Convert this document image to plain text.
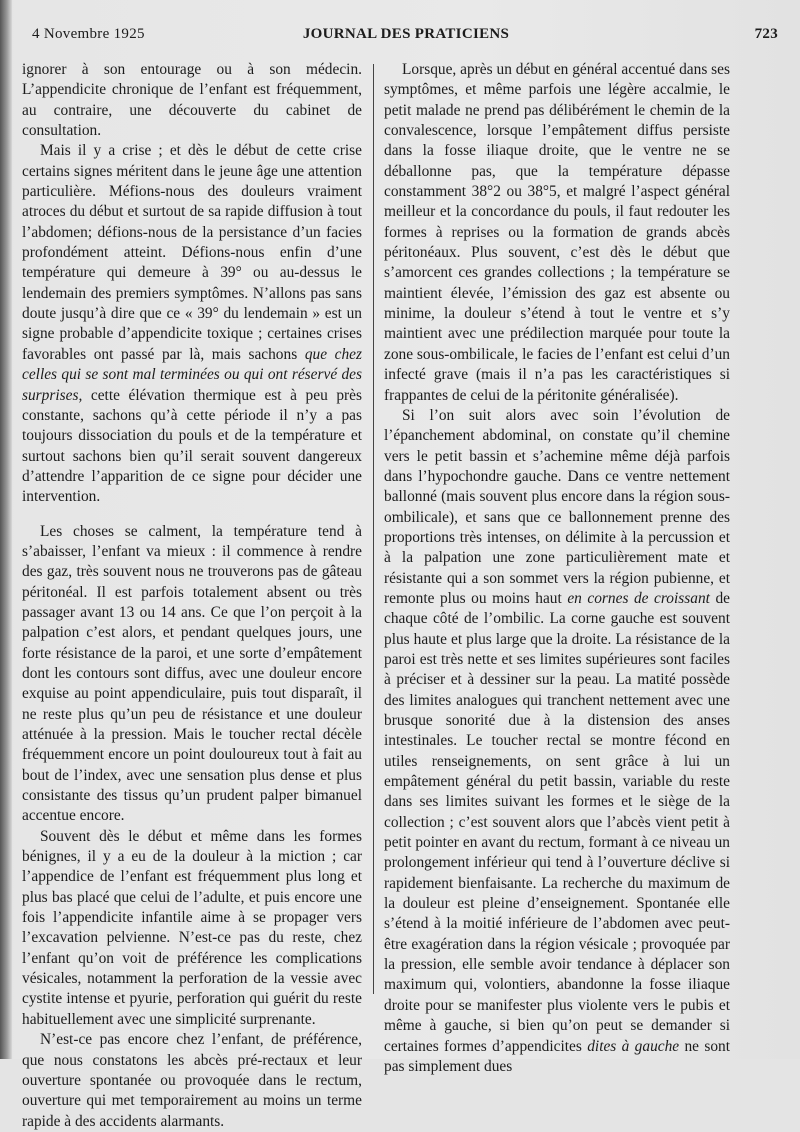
4 Novembre 1925	JOURNAL DES PRATICIENS	723

ignorer à son entourage ou à son médecin. L’appendicite chronique de l’enfant est fréquemment, au contraire, une découverte du cabinet de consultation.

Mais il y a crise ; et dès le début de cette crise certains signes méritent dans le jeune âge une attention particulière. Méfions-nous des douleurs vraiment atroces du début et surtout de sa rapide diffusion à tout l’abdomen; défions-nous de la persistance d’un facies profondément atteint. Défions-nous enfin d’une température qui demeure à 39° ou au-dessus le lendemain des premiers symptômes. N’allons pas sans doute jusqu’à dire que ce « 39° du lendemain » est un signe probable d’appendicite toxique ; certaines crises favorables ont passé par là, mais sachons que chez celles qui se sont mal terminées ou qui ont réservé des surprises, cette élévation thermique est à peu près constante, sachons qu’à cette période il n’y a pas toujours dissociation du pouls et de la température et surtout sachons bien qu’il serait souvent dangereux d’attendre l’apparition de ce signe pour décider une intervention.

Les choses se calment, la température tend à s’abaisser, l’enfant va mieux : il commence à rendre des gaz, très souvent nous ne trouverons pas de gâteau péritonéal. Il est parfois totalement absent ou très passager avant 13 ou 14 ans. Ce que l’on perçoit à la palpation c’est alors, et pendant quelques jours, une forte résistance de la paroi, et une sorte d’empâtement dont les contours sont diffus, avec une douleur encore exquise au point appendiculaire, puis tout disparaît, il ne reste plus qu’un peu de résistance et une douleur atténuée à la pression. Mais le toucher rectal décèle fréquemment encore un point douloureux tout à fait au bout de l’index, avec une sensation plus dense et plus consistante des tissus qu’un prudent palper bimanuel accentue encore.

Souvent dès le début et même dans les formes bénignes, il y a eu de la douleur à la miction ; car l’appendice de l’enfant est fréquemment plus long et plus bas placé que celui de l’adulte, et puis encore une fois l’appendicite infantile aime à se propager vers l’excavation pelvienne. N’est-ce pas du reste, chez l’enfant qu’on voit de préférence les complications vésicales, notamment la perforation de la vessie avec cystite intense et pyurie, perforation qui guérit du reste habituellement avec une simplicité surprenante.

N’est-ce pas encore chez l’enfant, de préférence, que nous constatons les abcès pré-rectaux et leur ouverture spontanée ou provoquée dans le rectum, ouverture qui met temporairement au moins un terme rapide à des accidents alarmants.

Lorsque, après un début en général accentué dans ses symptômes, et même parfois une légère accalmie, le petit malade ne prend pas délibérément le chemin de la convalescence, lorsque l’empâtement diffus persiste dans la fosse iliaque droite, que le ventre ne se déballonne pas, que la température dépasse constamment 38°2 ou 38°5, et malgré l’aspect général meilleur et la concordance du pouls, il faut redouter les formes à reprises ou la formation de grands abcès péritonéaux. Plus souvent, c’est dès le début que s’amorcent ces grandes collections ; la température se maintient élevée, l’émission des gaz est absente ou minime, la douleur s’étend à tout le ventre et s’y maintient avec une prédilection marquée pour toute la zone sous-ombilicale, le facies de l’enfant est celui d’un infecté grave (mais il n’a pas les caractéristiques si frappantes de celui de la péritonite généralisée).

Si l’on suit alors avec soin l’évolution de l’épanchement abdominal, on constate qu’il chemine vers le petit bassin et s’achemine même déjà parfois dans l’hypochondre gauche. Dans ce ventre nettement ballonné (mais souvent plus encore dans la région sous-ombilicale), et sans que ce ballonnement prenne des proportions très intenses, on délimite à la percussion et à la palpation une zone particulièrement mate et résistante qui a son sommet vers la région pubienne, et remonte plus ou moins haut en cornes de croissant de chaque côté de l’ombilic. La corne gauche est souvent plus haute et plus large que la droite. La résistance de la paroi est très nette et ses limites supérieures sont faciles à préciser et à dessiner sur la peau. La matité possède des limites analogues qui tranchent nettement avec une brusque sonorité due à la distension des anses intestinales. Le toucher rectal se montre fécond en utiles renseignements, on sent grâce à lui un empâtement général du petit bassin, variable du reste dans ses limites suivant les formes et le siège de la collection ; c’est souvent alors que l’abcès vient petit à petit pointer en avant du rectum, formant à ce niveau un prolongement inférieur qui tend à l’ouverture déclive si rapidement bienfaisante. La recherche du maximum de la douleur est pleine d’enseignement. Spontanée elle s’étend à la moitié inférieure de l’abdomen avec peut-être exagération dans la région vésicale ; provoquée par la pression, elle semble avoir tendance à déplacer son maximum qui, volontiers, abandonne la fosse iliaque droite pour se manifester plus violente vers le pubis et même à gauche, si bien qu’on peut se demander si certaines formes d’appendicites dites à gauche ne sont pas simplement dues
